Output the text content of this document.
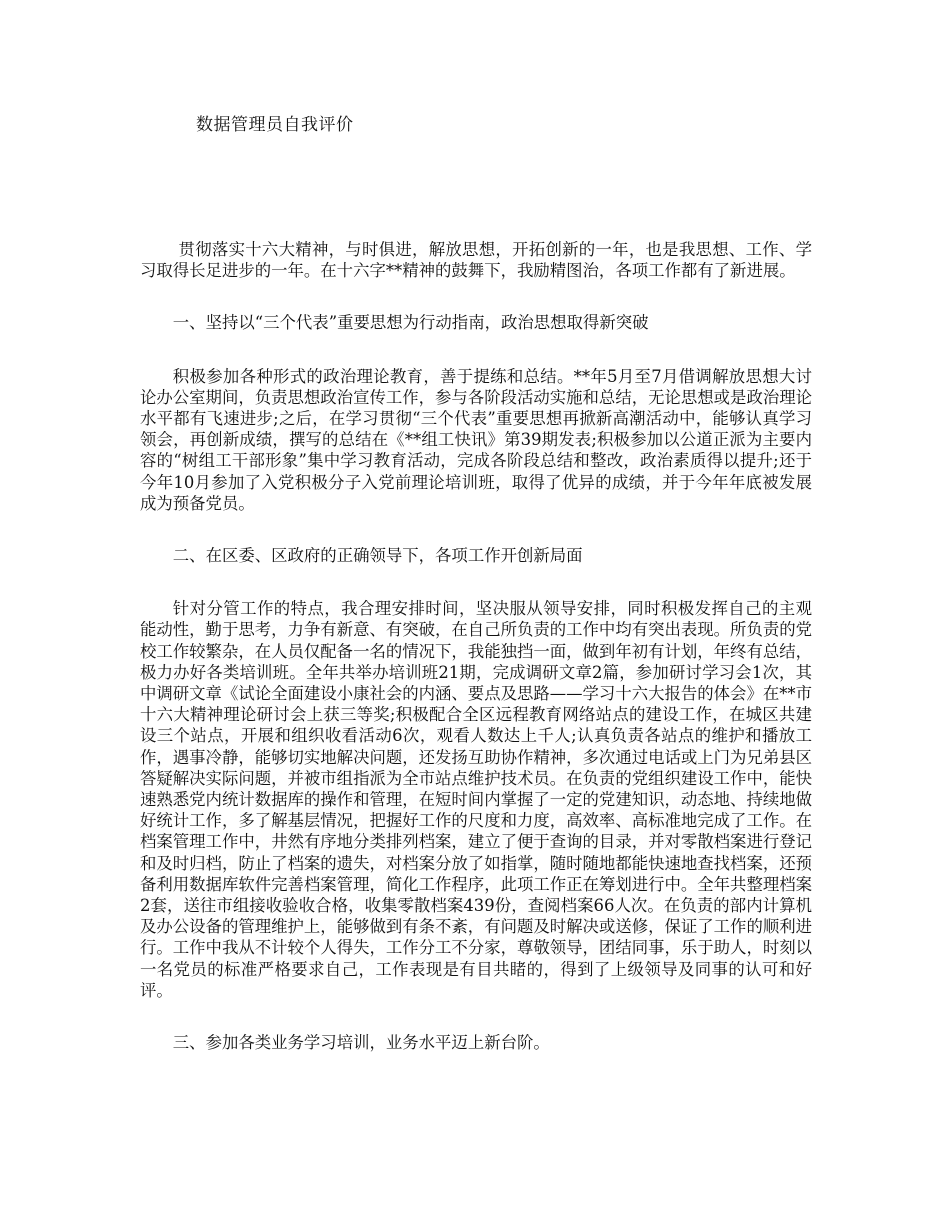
数据管理员自我评价

贯彻落实十六大精神，与时俱进，解放思想，开拓创新的一年，也是我思想、工作、学习取得长足进步的一年。在十六字**精神的鼓舞下，我励精图治，各项工作都有了新进展。

一、坚持以“三个代表”重要思想为行动指南，政治思想取得新突破

积极参加各种形式的政治理论教育，善于提练和总结。**年5月至7月借调解放思想大讨论办公室期间，负责思想政治宣传工作，参与各阶段活动实施和总结，无论思想或是政治理论水平都有飞速进步;之后，在学习贯彻“三个代表”重要思想再掀新高潮活动中，能够认真学习领会，再创新成绩，撰写的总结在《**组工快讯》第39期发表;积极参加以公道正派为主要内容的“树组工干部形象”集中学习教育活动，完成各阶段总结和整改，政治素质得以提升;还于今年10月参加了入党积极分子入党前理论培训班，取得了优异的成绩，并于今年年底被发展成为预备党员。

二、在区委、区政府的正确领导下，各项工作开创新局面

针对分管工作的特点，我合理安排时间，坚决服从领导安排，同时积极发挥自己的主观能动性，勤于思考，力争有新意、有突破，在自己所负责的工作中均有突出表现。所负责的党校工作较繁杂，在人员仅配备一名的情况下，我能独挡一面，做到年初有计划，年终有总结，极力办好各类培训班。全年共举办培训班21期，完成调研文章2篇，参加研讨学习会1次，其中调研文章《试论全面建设小康社会的内涵、要点及思路——学习十六大报告的体会》在**市十六大精神理论研讨会上获三等奖;积极配合全区远程教育网络站点的建设工作，在城区共建设三个站点，开展和组织收看活动6次，观看人数达上千人;认真负责各站点的维护和播放工作，遇事冷静，能够切实地解决问题，还发扬互助协作精神，多次通过电话或上门为兄弟县区答疑解决实际问题，并被市组指派为全市站点维护技术员。在负责的党组织建设工作中，能快速熟悉党内统计数据库的操作和管理，在短时间内掌握了一定的党建知识，动态地、持续地做好统计工作，多了解基层情况，把握好工作的尺度和力度，高效率、高标准地完成了工作。在档案管理工作中，井然有序地分类排列档案，建立了便于查询的目录，并对零散档案进行登记和及时归档，防止了档案的遗失，对档案分放了如指掌，随时随地都能快速地查找档案，还预备利用数据库软件完善档案管理，简化工作程序，此项工作正在筹划进行中。全年共整理档案2套，送往市组接收验收合格，收集零散档案439份，查阅档案66人次。在负责的部内计算机及办公设备的管理维护上，能够做到有条不紊，有问题及时解决或送修，保证了工作的顺利进行。工作中我从不计较个人得失，工作分工不分家，尊敬领导，团结同事，乐于助人，时刻以一名党员的标准严格要求自己，工作表现是有目共睹的，得到了上级领导及同事的认可和好评。

三、参加各类业务学习培训，业务水平迈上新台阶。
